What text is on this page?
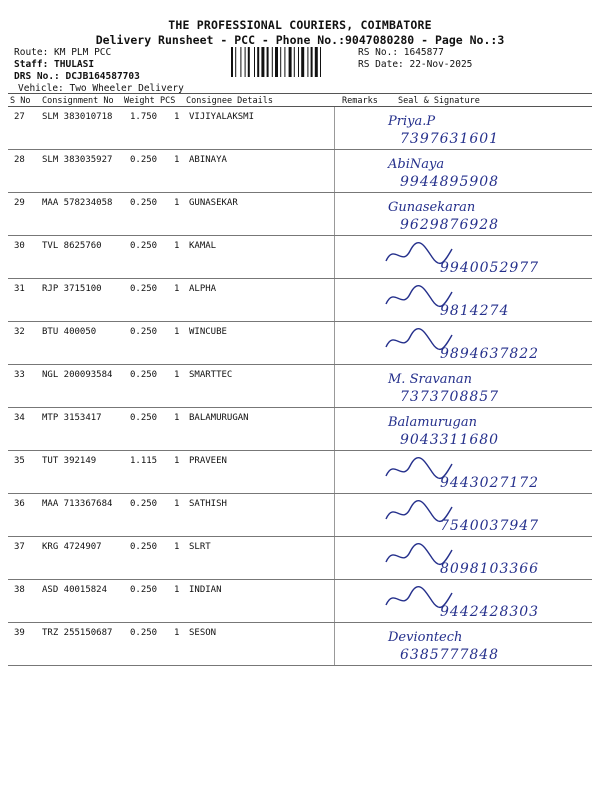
THE PROFESSIONAL COURIERS, COIMBATORE
Delivery Runsheet - PCC - Phone No.:9047080280 - Page No.:3
Route: KM PLM PCC
Staff: THULASI
DRS No.: DCJB164587703
Vehicle: Two Wheeler Delivery
RS No.: 1645877
RS Date: 22-Nov-2025
S No Consignment No Weight PCS Consignee Details	Remarks Seal & Signature
27 SLM 383010718 1.750 1 VIJIYALAKSMI	Priya.P
7397631601
28 SLM 383035927 0.250 1 ABINAYA	AbiNaya
9944895908
29 MAA 578234058 0.250 1 GUNASEKAR	Gunasekaran
9629876928
30 TVL 8625760	0.250 1 KAMAL
9940052977
31 RJP 3715100	0.250 1 ALPHA
9814274
32 BTU 400050	0.250 1 WINCUBE
9894637822
33 NGL 200093584 0.250 1 SMARTTEC	M. Sravanan
7373708857
34 MTP 3153417	0.250 1 BALAMURUGAN	Balamurugan
9043311680
35 TUT 392149	1.115 1 PRAVEEN
9443027172
36 MAA 713367684 0.250 1 SATHISH
7540037947
37 KRG 4724907	0.250 1 SLRT
8098103366
38 ASD 40015824	0.250 1 INDIAN
9442428303
39 TRZ 255150687 0.250 1 SESON	Deviontech
6385777848
